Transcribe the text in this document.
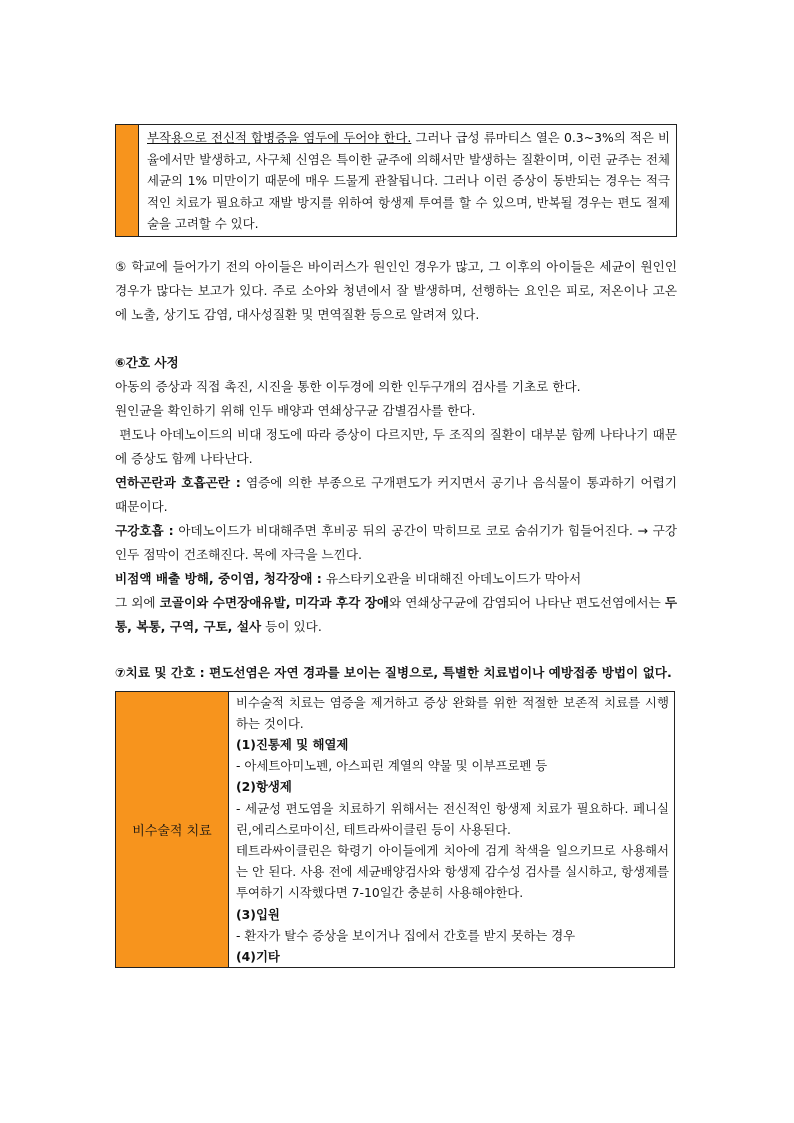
부작용으로 전신적 합병증을 염두에 두어야 한다. 그러나 급성 류마티스 열은 0.3~3%의 적은 비율에서만 발생하고, 사구체 신염은 특이한 균주에 의해서만 발생하는 질환이며, 이런 균주는 전체 세균의 1% 미만이기 때문에 매우 드물게 관찰됩니다. 그러나 이런 증상이 동반되는 경우는 적극적인 치료가 필요하고 재발 방지를 위하여 항생제 투여를 할 수 있으며, 반복될 경우는 편도 절제술을 고려할 수 있다.

⑤ 학교에 들어가기 전의 아이들은 바이러스가 원인인 경우가 많고, 그 이후의 아이들은 세균이 원인인 경우가 많다는 보고가 있다. 주로 소아와 청년에서 잘 발생하며, 선행하는 요인은 피로, 저온이나 고온에 노출, 상기도 감염, 대사성질환 및 면역질환 등으로 알려져 있다.

⑥간호 사정

아동의 증상과 직접 촉진, 시진을 통한 이두경에 의한 인두구개의 검사를 기초로 한다.

원인균을 확인하기 위해 인두 배양과 연쇄상구균 감별검사를 한다.

편도나 아데노이드의 비대 정도에 따라 증상이 다르지만, 두 조직의 질환이 대부분 함께 나타나기 때문에 증상도 함께 나타난다.

연하곤란과 호흡곤란 : 염증에 의한 부종으로 구개편도가 커지면서 공기나 음식물이 통과하기 어렵기 때문이다.

구강호흡 : 아데노이드가 비대해주면 후비공 뒤의 공간이 막히므로 코로 숨쉬기가 힘들어진다. → 구강인두 점막이 건조해진다. 목에 자극을 느낀다.

비점액 배출 방해, 중이염, 청각장애 : 유스타키오관을 비대해진 아데노이드가 막아서

그 외에 코골이와 수면장애유발, 미각과 후각 장애와 연쇄상구균에 감염되어 나타난 편도선염에서는 두통, 복통, 구역, 구토, 설사 등이 있다.

⑦치료 및 간호 : 편도선염은 자연 경과를 보이는 질병으로, 특별한 치료법이나 예방접종 방법이 없다.

비수술적 치료	
비수술적 치료는 염증을 제거하고 증상 완화를 위한 적절한 보존적 치료를 시행하는 것이다.
(1)진통제 및 해열제
- 아세트아미노펜, 아스피린 계열의 약물 및 이부프로펜 등
(2)항생제
- 세균성 편도염을 치료하기 위해서는 전신적인 항생제 치료가 필요하다. 페니실린,에리스로마이신, 테트라싸이클린 등이 사용된다.
테트라싸이클린은 학령기 아이들에게 치아에 검게 착색을 일으키므로 사용해서는 안 된다. 사용 전에 세균배양검사와 항생제 감수성 검사를 실시하고, 항생제를 투여하기 시작했다면 7-10일간 충분히 사용해야한다.
(3)입원
- 환자가 탈수 증상을 보이거나 집에서 간호를 받지 못하는 경우
(4)기타
